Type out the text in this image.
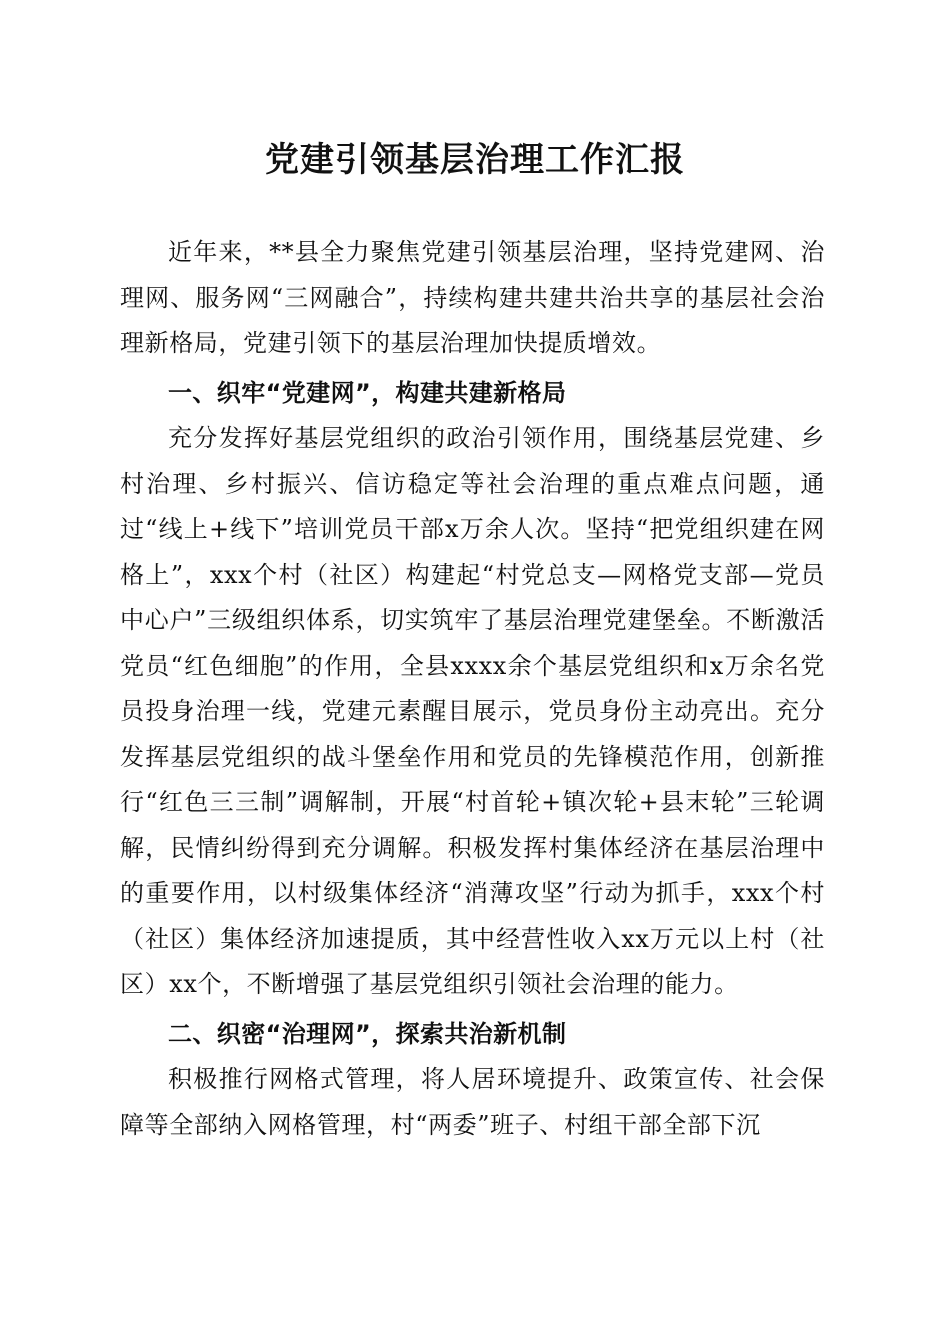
党建引领基层治理工作汇报

近年来，**县全力聚焦党建引领基层治理，坚持党建网、治理网、服务网“三网融合”，持续构建共建共治共享的基层社会治理新格局，党建引领下的基层治理加快提质增效。

一、织牢“党建网”，构建共建新格局

充分发挥好基层党组织的政治引领作用，围绕基层党建、乡村治理、乡村振兴、信访稳定等社会治理的重点难点问题，通过“线上+线下”培训党员干部x万余人次。坚持“把党组织建在网格上”，xxx个村（社区）构建起“村党总支—网格党支部—党员中心户”三级组织体系，切实筑牢了基层治理党建堡垒。不断激活党员“红色细胞”的作用，全县xxxx余个基层党组织和x万余名党员投身治理一线，党建元素醒目展示，党员身份主动亮出。充分发挥基层党组织的战斗堡垒作用和党员的先锋模范作用，创新推行“红色三三制”调解制，开展“村首轮+镇次轮+县末轮”三轮调解，民情纠纷得到充分调解。积极发挥村集体经济在基层治理中的重要作用，以村级集体经济“消薄攻坚”行动为抓手，xxx个村（社区）集体经济加速提质，其中经营性收入xx万元以上村（社区）xx个，不断增强了基层党组织引领社会治理的能力。

二、织密“治理网”，探索共治新机制

积极推行网格式管理，将人居环境提升、政策宣传、社会保障等全部纳入网格管理，村“两委”班子、村组干部全部下沉
